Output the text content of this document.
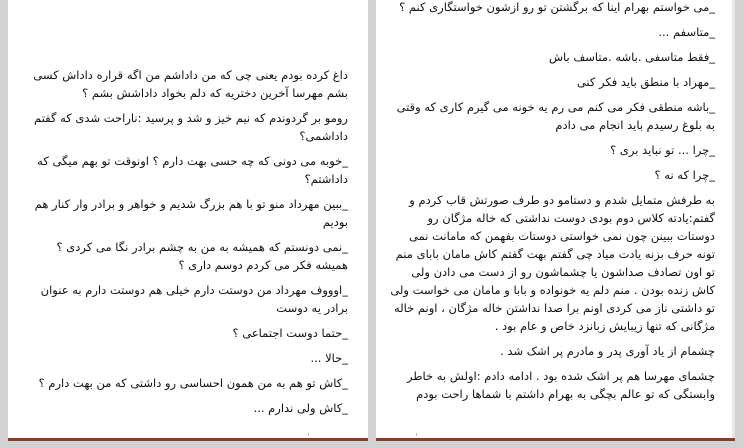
داغ کرده بودم یعنی چی که من داداشم من اگه قراره داداش کسی بشم مهرسا آخرین دختریه که دلم بخواد داداشش بشم ؟

رومو بر گردوندم که نیم خیز و شد و پرسید :ناراحت شدی که گفتم داداشمی؟

_خوبه می دونی که چه حسی بهت دارم ؟ اونوقت تو بهم میگی که داداشتم؟

_ببین مهرداد منو تو با هم بزرگ شدیم و خواهر و برادر وار کنار هم بودیم

_نمی دونستم که همیشه به من به چشم برادر نگا می کردی ؟ همیشه فکر می کردم دوسم داری ؟

_اوووف مهرداد من دوستت دارم خیلی هم دوستت دارم به عنوان برادر یه دوست

_حتما دوست اجتماعی ؟

_حالا ...

_کاش تو هم به من همون احساسی رو داشتی که من بهت دارم ؟

_کاش ولی ندارم ...

_می خواستم بهرام اینا که برگشتن تو رو ازشون خواستگاری کنم ؟

_متاسفم ...

_فقط متاسفی .باشه .متاسف باش

_مهراد با منطق باید فکر کنی

_باشه منطقی فکر می کنم می رم یه خونه می گیرم کاری که وقتی به بلوغ رسیدم باید انجام می دادم

_چرا ... تو نباید بری ؟

_چرا که نه ؟

به طرفش متمایل شدم و دستامو دو طرف صورتش قاب کردم و گفتم:یادته کلاس دوم بودی دوست نداشتی که خاله مژگان رو دوستات ببینن چون نمی خواستی دوستات بفهمن که مامانت نمی تونه حرف بزنه یادت میاد چی گفتم بهت گفتم کاش مامان بابای منم تو اون تصادف صداشون یا چشماشون رو از دست می دادن ولی کاش زنده بودن . منم دلم یه خونواده و بابا و مامان می خواست ولی تو داشتی ناز می کردی اونم برا صدا نداشتن خاله مژگان ، اونم خاله مژگانی که تنها زیبایش زبانزد خاص و عام بود .

چشمام از یاد آوری پدر و مادرم پر اشک شد .

چشمای مهرسا هم پر اشک شده بود . ادامه دادم :اولش به خاطر وابستگی که تو عالم بچگی به بهرام داشتم با شماها راحت بودم
